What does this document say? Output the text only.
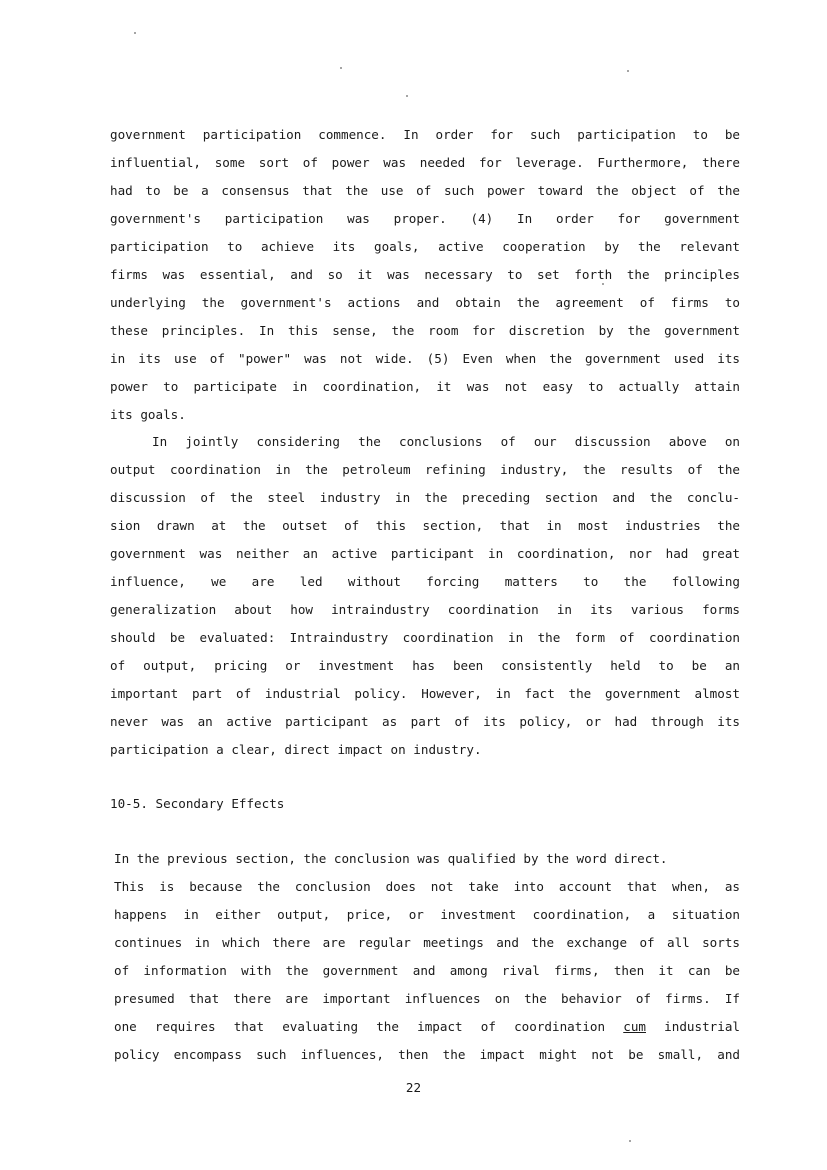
government participation commence. In order for such participation to be
influential, some sort of power was needed for leverage. Furthermore, there
had to be a consensus that the use of such power toward the object of the
government's participation was proper. (4) In order for government
participation to achieve its goals, active cooperation by the relevant
firms was essential, and so it was necessary to set forth the principles
underlying the government's actions and obtain the agreement of firms to
these principles. In this sense, the room for discretion by the government
in its use of "power" was not wide. (5) Even when the government used its
power to participate in coordination, it was not easy to actually attain
its goals.
In jointly considering the conclusions of our discussion above on
output coordination in the petroleum refining industry, the results of the
discussion of the steel industry in the preceding section and the conclu-
sion drawn at the outset of this section, that in most industries the
government was neither an active participant in coordination, nor had great
influence, we are led without forcing matters to the following
generalization about how intraindustry coordination in its various forms
should be evaluated: Intraindustry coordination in the form of coordination
of output, pricing or investment has been consistently held to be an
important part of industrial policy. However, in fact the government almost
never was an active participant as part of its policy, or had through its
participation a clear, direct impact on industry.
10-5. Secondary Effects
In the previous section, the conclusion was qualified by the word direct.
This is because the conclusion does not take into account that when, as
happens in either output, price, or investment coordination, a situation
continues in which there are regular meetings and the exchange of all sorts
of information with the government and among rival firms, then it can be
presumed that there are important influences on the behavior of firms. If
one requires that evaluating the impact of coordination cum industrial
policy encompass such influences, then the impact might not be small, and
22
